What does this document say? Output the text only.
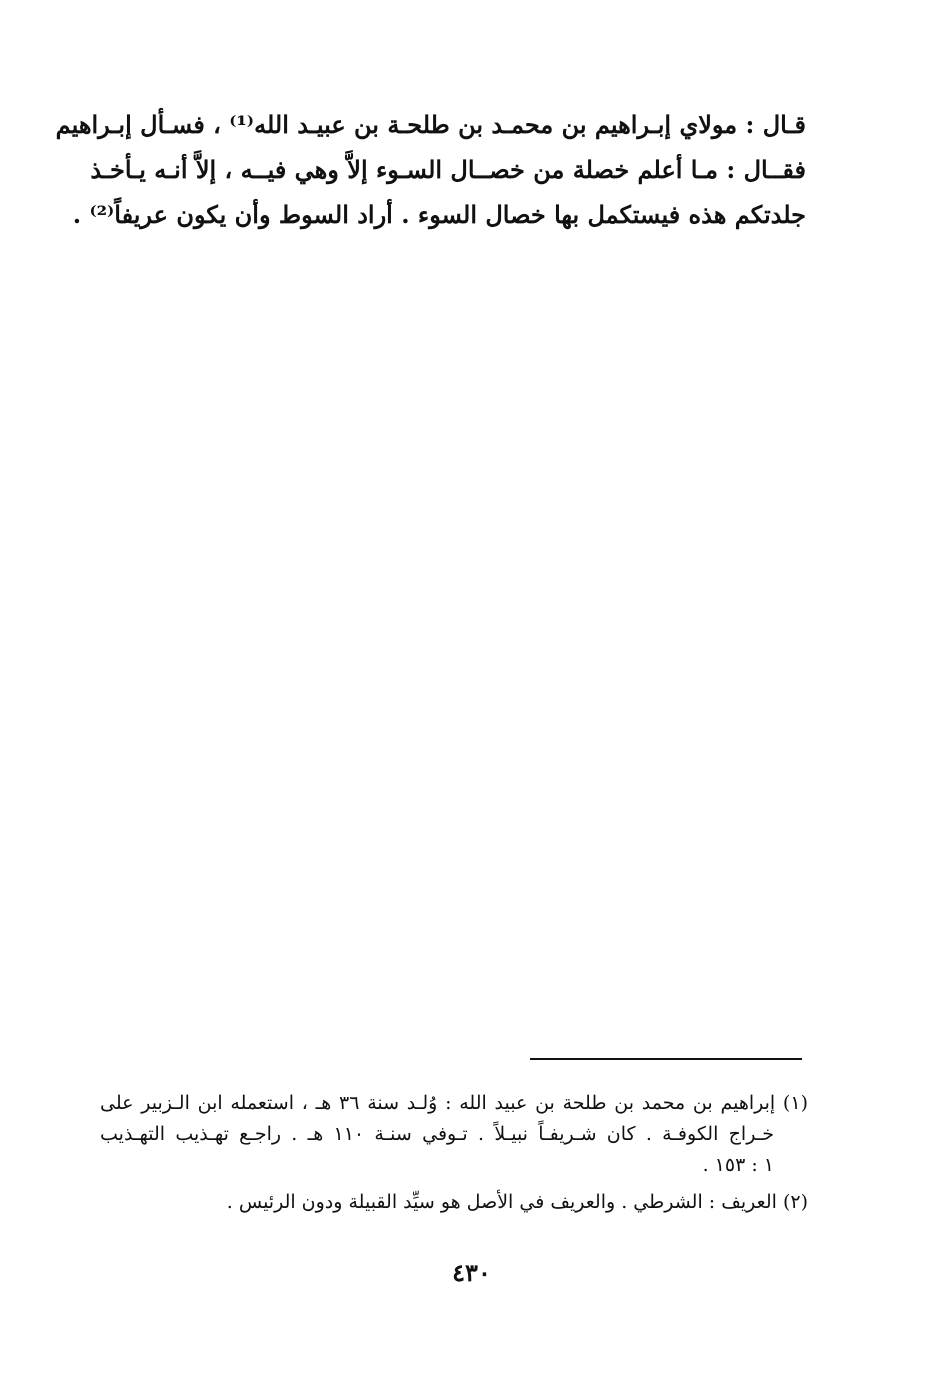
قـال : مولاي إبـراهيم بن محمـد بن طلحـة بن عبيـد الله⁽¹⁾ ، فسـأل إبـراهيم
فقــال : مـا أعلم خصلة من خصــال السـوء إلاَّ وهي فيــه ، إلاَّ أنـه يـأخـذ
جلدتكم هذه فيستكمل بها خصال السوء . أراد السوط وأن يكون عريفاً⁽²⁾ .
(١) إبراهيم بن محمد بن طلحة بن عبيد الله : وُلـد سنة ٣٦ هـ ، استعمله ابن الـزبير على
خـراج الكوفـة . كان شـريفـاً نبيـلاً . تـوفي سنـة ١١٠ هـ . راجـع تهـذيب التهـذيب
١ : ١٥٣ .
(٢) العريف : الشرطي . والعريف في الأصل هو سيِّد القبيلة ودون الرئيس .
٤٣٠
